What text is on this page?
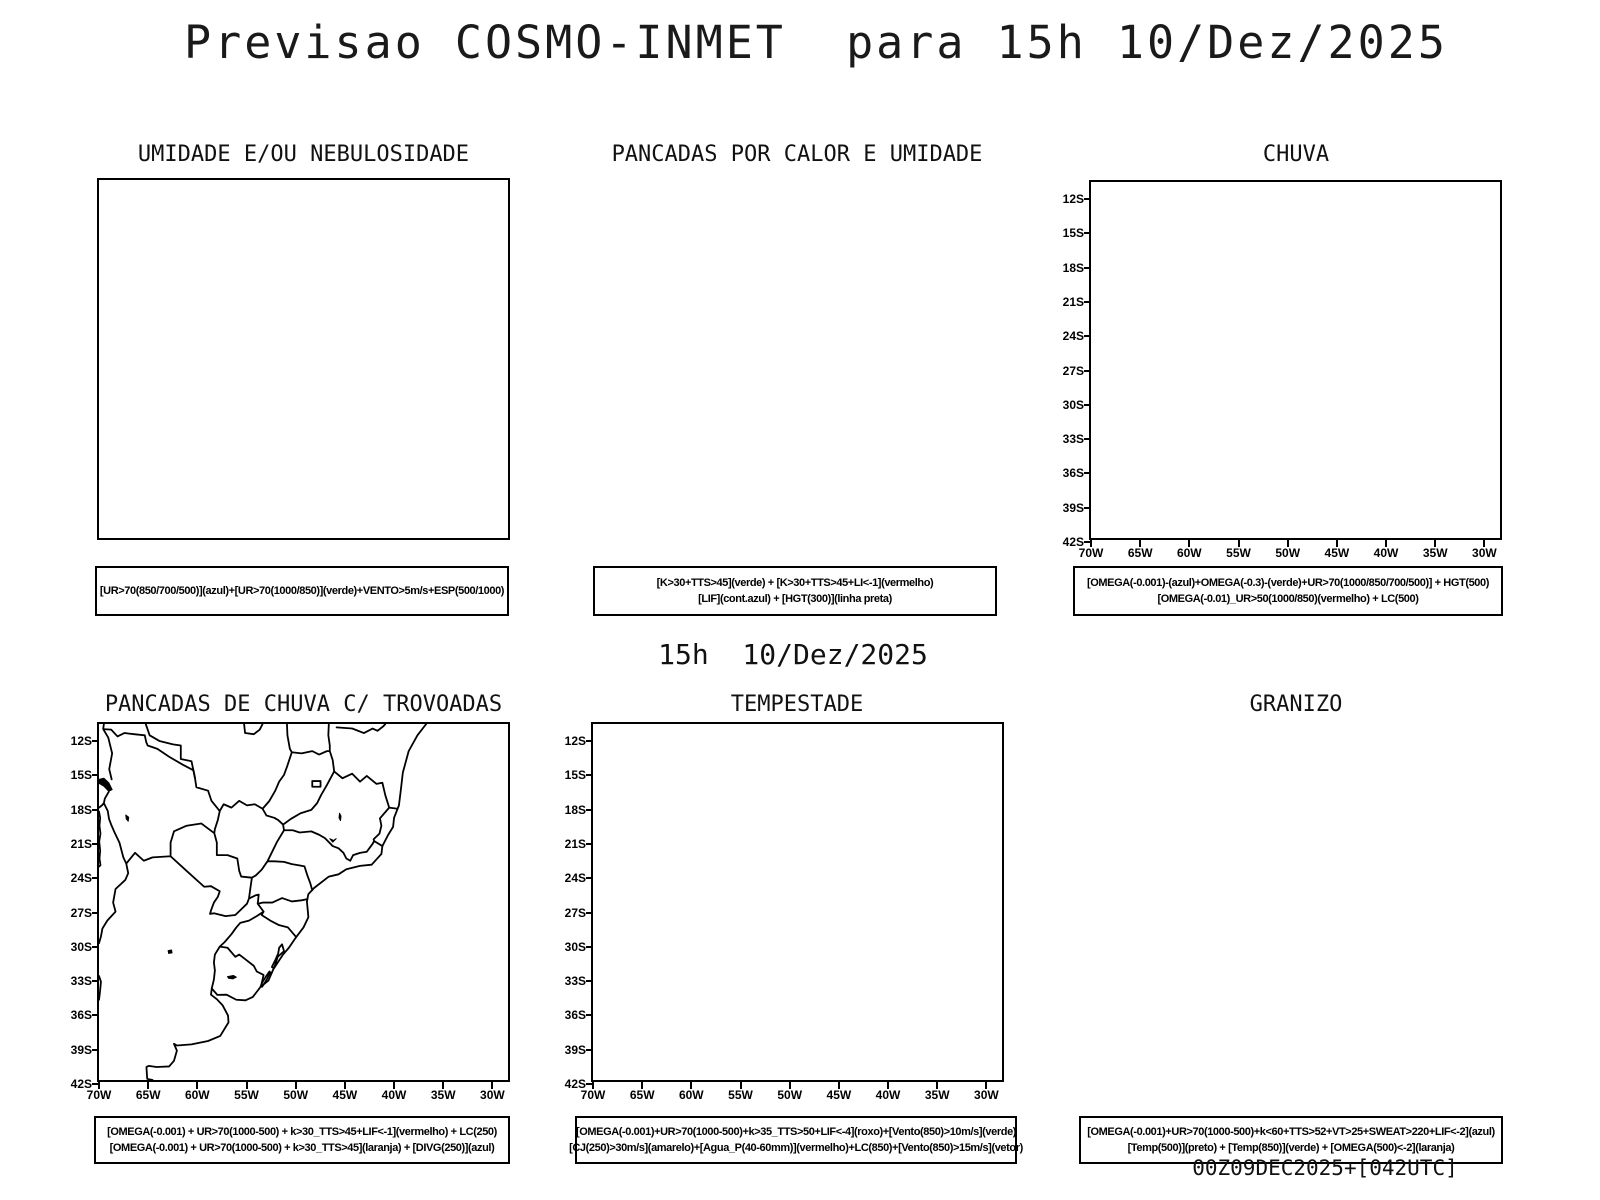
Previsao COSMO-INMET  para 15h 10/Dez/2025
UMIDADE E/OU NEBULOSIDADE	PANCADAS POR CALOR E UMIDADE	CHUVA
12S
15S
18S
21S
24S
27S
30S
33S
36S
39S
42S
70W	65W	60W	55W	50W	45W	40W	35W	30W
[UR>70(850/700/500)](azul)+[UR>70(1000/850)](verde)+VENTO>5m/s+ESP(500/1000)
[K>30+TTS>45](verde) + [K>30+TTS>45+LI<-1](vermelho)
[LIF](cont.azul) + [HGT(300)](linha preta)
[OMEGA(-0.001)-(azul)+OMEGA(-0.3)-(verde)+UR>70(1000/850/700/500)] + HGT(500)
[OMEGA(-0.01)_UR>50(1000/850)(vermelho) + LC(500)
15h  10/Dez/2025
PANCADAS DE CHUVA C/ TROVOADAS	TEMPESTADE	GRANIZO
12S
15S
18S
21S
24S
27S
30S
33S
36S
39S
42S
70W	65W	60W	55W	50W	45W	40W	35W	30W
12S
15S
18S
21S
24S
27S
30S
33S
36S
39S
42S
70W	65W	60W	55W	50W	45W	40W	35W	30W
[OMEGA(-0.001) + UR>70(1000-500) + k>30_TTS>45+LIF<-1](vermelho) + LC(250)
[OMEGA(-0.001) + UR>70(1000-500) + k>30_TTS>45](laranja) + [DIVG(250)](azul)
[OMEGA(-0.001)+UR>70(1000-500)+k>35_TTS>50+LIF<-4](roxo)+[Vento(850)>10m/s](verde)
[CJ(250)>30m/s](amarelo)+[Agua_P(40-60mm)](vermelho)+LC(850)+[Vento(850)>15m/s](vetor)
[OMEGA(-0.001)+UR>70(1000-500)+k<60+TTS>52+VT>25+SWEAT>220+LIF<-2](azul)
[Temp(500)](preto) + [Temp(850)](verde) + [OMEGA(500)<-2](laranja)
00Z09DEC2025+[042UTC]
